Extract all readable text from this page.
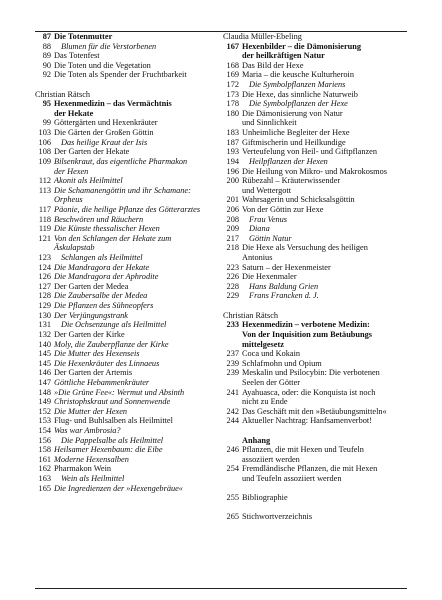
87 Die Totenmutter
88 Blumen für die Verstorbenen
89 Das Totenfest
90 Die Toten und die Vegetation
92 Die Toten als Spender der Fruchtbarkeit
Christian Rätsch
95 Hexenmedizin – das Vermächtnis
der Hekate
99 Göttergärten und Hexenkräuter
103 Die Gärten der Großen Göttin
106 Das heilige Kraut der Isis
108 Der Garten der Hekate
109 Bilsenkraut, das eigentliche Pharmakon
der Hexen
112 Akonit als Heilmittel
113 Die Schamanengöttin und ihr Schamane:
Orpheus
117 Päonie, die heilige Pflanze des Götterarztes
118 Beschwören und Räuchern
119 Die Künste thessalischer Hexen
121 Von den Schlangen der Hekate zum
Äskulapstab
123 Schlangen als Heilmittel
124 Die Mandragora der Hekate
126 Die Mandragora der Aphrodite
127 Der Garten der Medea
128 Die Zaubersalbe der Medea
129 Die Pflanzen des Sühneopfers
130 Der Verjüngungstrank
131 Die Ochsenzunge als Heilmittel
132 Der Garten der Kirke
140 Moly, die Zauberpflanze der Kirke
145 Die Mutter des Hexenseis
145 Die Hexenkräuter des Linnaeus
146 Der Garten der Artemis
147 Göttliche Hebammenkräuter
148 »Die Grüne Fee«: Wermut und Absinth
149 Christophskraut und Sonnenwende
152 Die Mutter der Hexen
153 Flug- und Buhlsalben als Heilmittel
154 Was war Ambrosia?
156 Die Pappelsalbe als Heilmittel
158 Heilsamer Hexenbaum: die Eibe
161 Moderne Hexensalben
162 Pharmakon Wein
163 Wein als Heilmittel
165 Die Ingredienzen der »Hexengebräue«
Claudia Müller-Ebeling
167 Hexenbilder – die Dämonisierung
der heilkräftigen Natur
168 Das Bild der Hexe
169 Maria – die keusche Kulturheroin
172 Die Symbolpflanzen Mariens
173 Die Hexe, das sinnliche Naturweib
178 Die Symbolpflanzen der Hexe
180 Die Dämonisierung von Natur
und Sinnlichkeit
183 Unheimliche Begleiter der Hexe
187 Giftmischerin und Heilkundige
193 Verteufelung von Heil- und Giftpflanzen
194 Heilpflanzen der Hexen
196 Die Heilung von Mikro- und Makrokosmos
200 Rübezahl – Kräuterwissender
und Wettergott
201 Wahrsagerin und Schicksalsgöttin
206 Von der Göttin zur Hexe
208 Frau Venus
209 Diana
217 Göttin Natur
218 Die Hexe als Versuchung des heiligen
Antonius
223 Saturn – der Hexenmeister
226 Die Hexenmaler
228 Hans Baldung Grien
229 Frans Francken d. J.
Christian Rätsch
233 Hexenmedizin – verbotene Medizin:
Von der Inquisition zum Betäubungs
mittelgesetz
237 Coca und Kokain
239 Schlafmohn und Opium
239 Meskalin und Psilocybin: Die verbotenen
Seelen der Götter
241 Ayahuasca, oder: die Konquista ist noch
nicht zu Ende
242 Das Geschäft mit den »Betäubungsmitteln«
244 Aktueller Nachtrag: Hanfsamenverbot!
Anhang
246 Pflanzen, die mit Hexen und Teufeln
assoziiert werden
254 Fremdländische Pflanzen, die mit Hexen
und Teufeln assoziiert werden
255 Bibliographie
265 Stichwortverzeichnis
